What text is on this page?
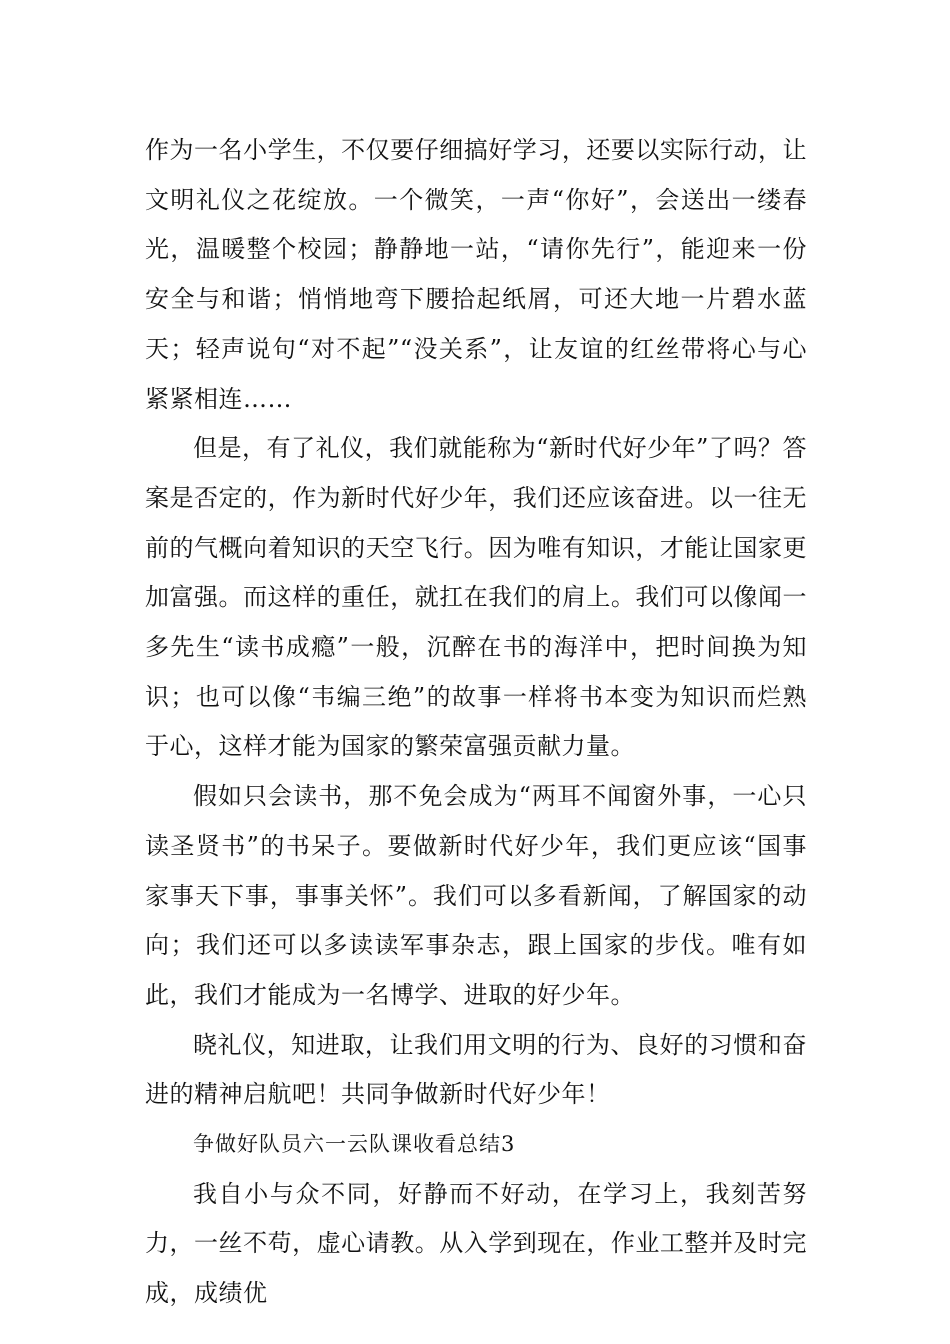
作为一名小学生，不仅要仔细搞好学习，还要以实际行动，让文明礼仪之花绽放。一个微笑，一声“你好”，会送出一缕春光，温暖整个校园；静静地一站，“请你先行”，能迎来一份安全与和谐；悄悄地弯下腰拾起纸屑，可还大地一片碧水蓝天；轻声说句“对不起”“没关系”，让友谊的红丝带将心与心紧紧相连……

但是，有了礼仪，我们就能称为“新时代好少年”了吗？答案是否定的，作为新时代好少年，我们还应该奋进。以一往无前的气概向着知识的天空飞行。因为唯有知识，才能让国家更加富强。而这样的重任，就扛在我们的肩上。我们可以像闻一多先生“读书成瘾”一般，沉醉在书的海洋中，把时间换为知识；也可以像“韦编三绝”的故事一样将书本变为知识而烂熟于心，这样才能为国家的繁荣富强贡献力量。

假如只会读书，那不免会成为“两耳不闻窗外事，一心只读圣贤书”的书呆子。要做新时代好少年，我们更应该“国事家事天下事，事事关怀”。我们可以多看新闻，了解国家的动向；我们还可以多读读军事杂志，跟上国家的步伐。唯有如此，我们才能成为一名博学、进取的好少年。

晓礼仪，知进取，让我们用文明的行为、良好的习惯和奋进的精神启航吧！共同争做新时代好少年！

争做好队员六一云队课收看总结3

我自小与众不同，好静而不好动，在学习上，我刻苦努力，一丝不苟，虚心请教。从入学到现在，作业工整并及时完成，成绩优
